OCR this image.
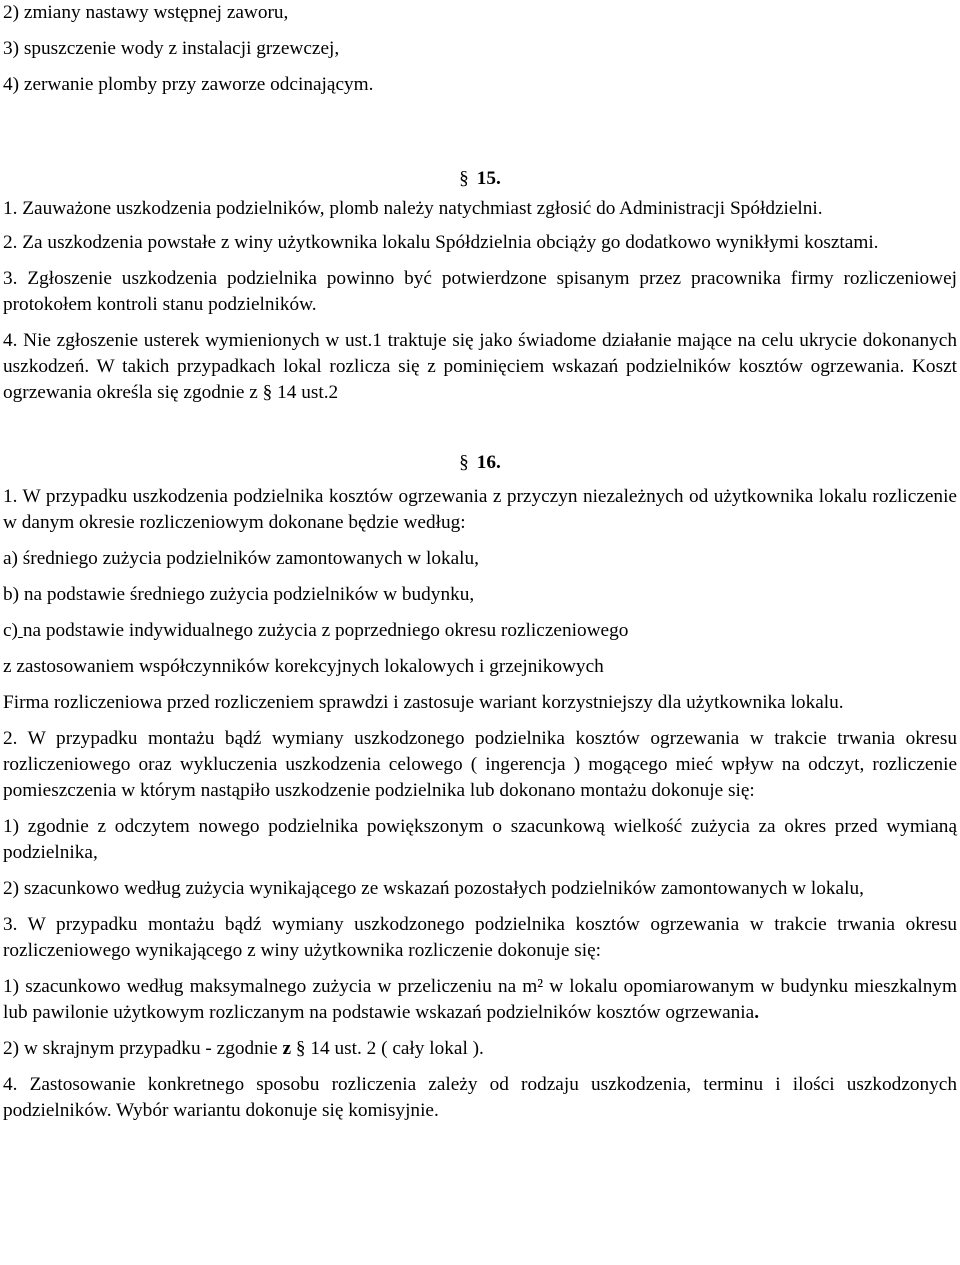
2) zmiany nastawy wstępnej zaworu,

3) spuszczenie wody z instalacji grzewczej,

4) zerwanie plomby przy zaworze odcinającym.

§ 15.

1. Zauważone uszkodzenia podzielników, plomb należy natychmiast zgłosić do Administracji Spółdzielni.

2. Za uszkodzenia powstałe z winy użytkownika lokalu Spółdzielnia obciąży go dodatkowo wynikłymi kosztami.

3. Zgłoszenie uszkodzenia podzielnika powinno być potwierdzone spisanym przez pracownika firmy rozliczeniowej protokołem kontroli stanu podzielników.

4. Nie zgłoszenie usterek wymienionych w ust.1 traktuje się jako świadome działanie mające na celu ukrycie dokonanych uszkodzeń. W takich przypadkach lokal rozlicza się z pominięciem wskazań podzielników kosztów ogrzewania. Koszt ogrzewania określa się zgodnie z § 14 ust.2

§ 16.

1. W przypadku uszkodzenia podzielnika kosztów ogrzewania z przyczyn niezależnych od użytkownika lokalu rozliczenie w danym okresie rozliczeniowym dokonane będzie według:

a) średniego zużycia podzielników zamontowanych w lokalu,

b) na podstawie średniego zużycia podzielników w budynku,

c) na podstawie indywidualnego zużycia z poprzedniego okresu rozliczeniowego

z zastosowaniem współczynników korekcyjnych lokalowych i grzejnikowych

Firma rozliczeniowa przed rozliczeniem sprawdzi i zastosuje wariant korzystniejszy dla użytkownika lokalu.

2. W przypadku montażu bądź wymiany uszkodzonego podzielnika kosztów ogrzewania w trakcie trwania okresu rozliczeniowego oraz wykluczenia uszkodzenia celowego ( ingerencja ) mogącego mieć wpływ na odczyt, rozliczenie pomieszczenia w którym nastąpiło uszkodzenie podzielnika lub dokonano montażu dokonuje się:

1) zgodnie z odczytem nowego podzielnika powiększonym o szacunkową wielkość zużycia za okres przed wymianą podzielnika,

2) szacunkowo według zużycia wynikającego ze wskazań pozostałych podzielników zamontowanych w lokalu,

3. W przypadku montażu bądź wymiany uszkodzonego podzielnika kosztów ogrzewania w trakcie trwania okresu rozliczeniowego wynikającego z winy użytkownika rozliczenie dokonuje się:

1) szacunkowo według maksymalnego zużycia w przeliczeniu na m² w lokalu opomiarowanym w budynku mieszkalnym lub pawilonie użytkowym rozliczanym na podstawie wskazań podzielników kosztów ogrzewania.

2) w skrajnym przypadku - zgodnie z § 14 ust. 2 ( cały lokal ).

4. Zastosowanie konkretnego sposobu rozliczenia zależy od rodzaju uszkodzenia, terminu i ilości uszkodzonych podzielników. Wybór wariantu dokonuje się komisyjnie.
